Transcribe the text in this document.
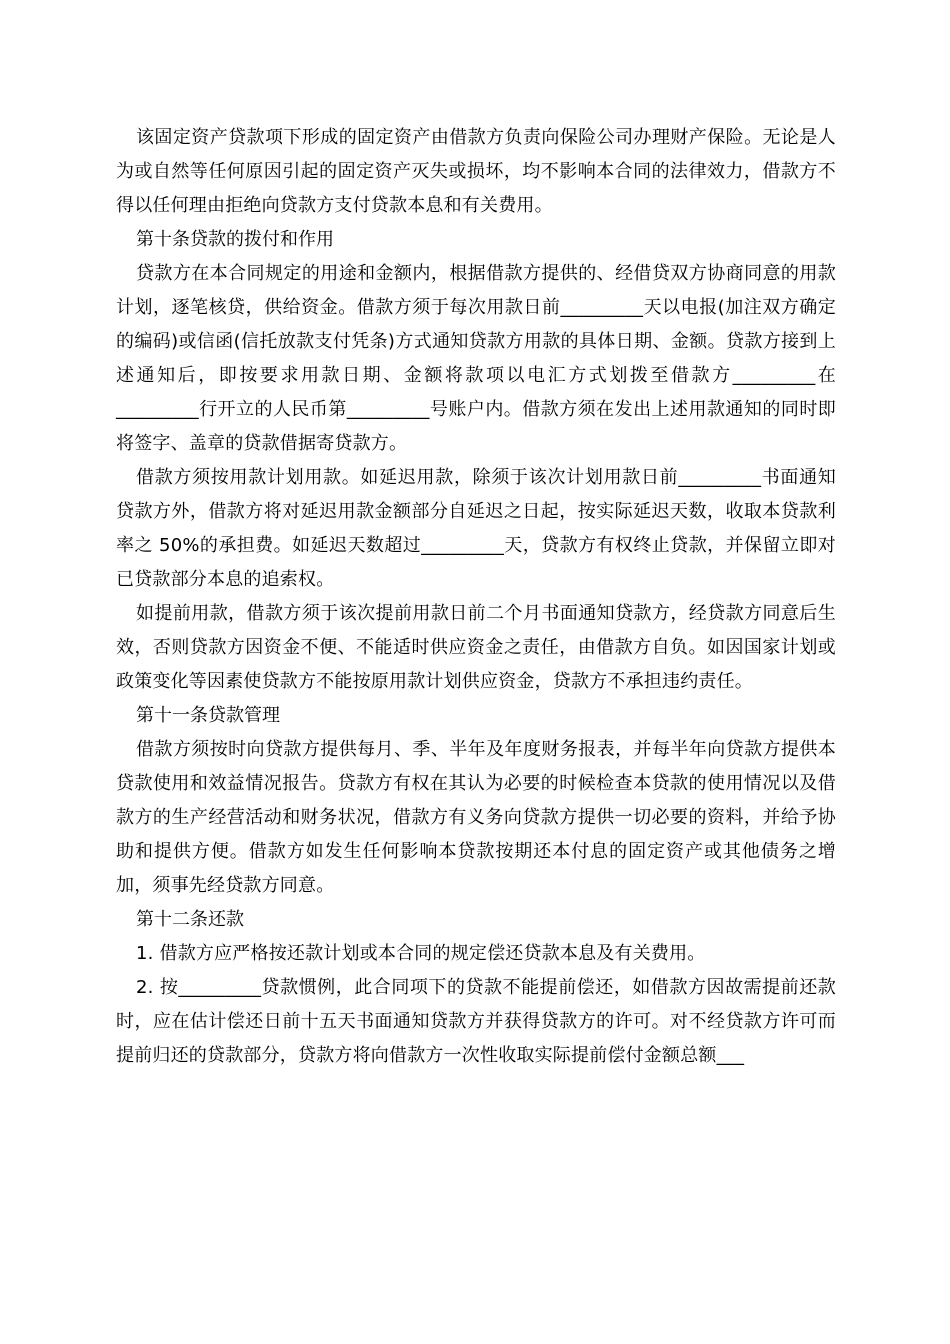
该固定资产贷款项下形成的固定资产由借款方负责向保险公司办理财产保险。无论是人为或自然等任何原因引起的固定资产灭失或损坏，均不影响本合同的法律效力，借款方不得以任何理由拒绝向贷款方支付贷款本息和有关费用。

第十条贷款的拨付和作用

贷款方在本合同规定的用途和金额内，根据借款方提供的、经借贷双方协商同意的用款计划，逐笔核贷，供给资金。借款方须于每次用款日前_________天以电报(加注双方确定的编码)或信函(信托放款支付凭条)方式通知贷款方用款的具体日期、金额。贷款方接到上述通知后，即按要求用款日期、金额将款项以电汇方式划拨至借款方_________在_________行开立的人民币第_________号账户内。借款方须在发出上述用款通知的同时即将签字、盖章的贷款借据寄贷款方。

借款方须按用款计划用款。如延迟用款，除须于该次计划用款日前_________书面通知贷款方外，借款方将对延迟用款金额部分自延迟之日起，按实际延迟天数，收取本贷款利率之 50%的承担费。如延迟天数超过_________天，贷款方有权终止贷款，并保留立即对已贷款部分本息的追索权。

如提前用款，借款方须于该次提前用款日前二个月书面通知贷款方，经贷款方同意后生效，否则贷款方因资金不便、不能适时供应资金之责任，由借款方自负。如因国家计划或政策变化等因素使贷款方不能按原用款计划供应资金，贷款方不承担违约责任。

第十一条贷款管理

借款方须按时向贷款方提供每月、季、半年及年度财务报表，并每半年向贷款方提供本贷款使用和效益情况报告。贷款方有权在其认为必要的时候检查本贷款的使用情况以及借款方的生产经营活动和财务状况，借款方有义务向贷款方提供一切必要的资料，并给予协助和提供方便。借款方如发生任何影响本贷款按期还本付息的固定资产或其他债务之增加，须事先经贷款方同意。

第十二条还款

1. 借款方应严格按还款计划或本合同的规定偿还贷款本息及有关费用。

2. 按_________贷款惯例，此合同项下的贷款不能提前偿还，如借款方因故需提前还款时，应在估计偿还日前十五天书面通知贷款方并获得贷款方的许可。对不经贷款方许可而提前归还的贷款部分，贷款方将向借款方一次性收取实际提前偿付金额总额___
